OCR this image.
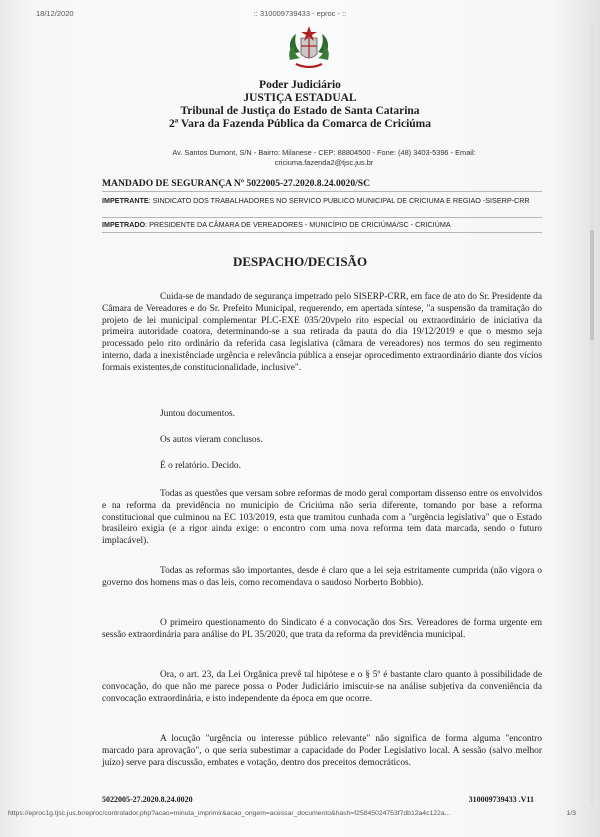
18/12/2020	:: 310009739433 - eproc - ::
Poder Judiciário
JUSTIÇA ESTADUAL
Tribunal de Justiça do Estado de Santa Catarina
2ª Vara da Fazenda Pública da Comarca de Criciúma
Av. Santos Dumont, S/N - Bairro: Milanese - CEP: 88804500 - Fone: (48) 3403-5396 - Email:
criciuma.fazenda2@tjsc.jus.br
MANDADO DE SEGURANÇA Nº 5022005-27.2020.8.24.0020/SC
IMPETRANTE: SINDICATO DOS TRABALHADORES NO SERVICO PUBLICO MUNICIPAL DE CRICIUMA E REGIAO -SISERP-CRR
IMPETRADO: PRESIDENTE DA CÂMARA DE VEREADORES - MUNICÍPIO DE CRICIÚMA/SC - CRICIÚMA
DESPACHO/DECISÃO
Cuida-se de mandado de segurança impetrado pelo SISERP-CRR, em face de ato do Sr. Presidente da Câmara de Vereadores e do Sr. Prefeito Municipal, requerendo, em apertada síntese, "a suspensão da tramitação do projeto de lei municipal complementar PLC-EXE 035/20vpelo rito especial ou extraordinário de iniciativa da primeira autoridade coatora, determinando-se a sua retirada da pauta do dia 19/12/2019 e que o mesmo seja processado pelo rito ordinário da referida casa legislativa (câmara de vereadores) nos termos do seu regimento interno, dada a inexistênciade urgência e relevância pública a ensejar oprocedimento extraordinário diante dos vícios formais existentes,de constitucionalidade, inclusive".
Juntou documentos.
Os autos vieram conclusos.
É o relatório. Decido.
Todas as questões que versam sobre reformas de modo geral comportam dissenso entre os envolvidos e na reforma da previdência no município de Criciúma não seria diferente, tomando por base a reforma constitucional que culminou na EC 103/2019, esta que tramitou cunhada com a "urgência legislativa" que o Estado brasileiro exigia (e a rigor ainda exige: o encontro com uma nova reforma tem data marcada, sendo o futuro implacável).
Todas as reformas são importantes, desde é claro que a lei seja estritamente cumprida (não vigora o governo dos homens mas o das leis, como recomendava o saudoso Norberto Bobbio).
O primeiro questionamento do Sindicato é a convocação dos Srs. Vereadores de forma urgente em sessão extraordinária para análise do PL 35/2020, que trata da reforma da previdência municipal.
Ora, o art. 23, da Lei Orgânica prevê tal hipótese e o § 5º é bastante claro quanto à possibilidade de convocação, do que não me parece possa o Poder Judiciário imiscuir-se na análise subjetiva da conveniência da convocação extraordinária, e isto independente da época em que ocorre.
A locução "urgência ou interesse público relevante" não significa de forma alguma "encontro marcado para aprovação", o que seria subestimar a capacidade do Poder Legislativo local. A sessão (salvo melhor juízo) serve para discussão, embates e votação, dentro dos preceitos democráticos.
5022005-27.2020.8.24.0020	310009739433 .V11
https://eproc1g.tjsc.jus.br/eproc/controlador.php?acao=minuta_imprimir&acao_origem=acessar_documento&hash=f25845024753f7db12a4c122a...	1/3
